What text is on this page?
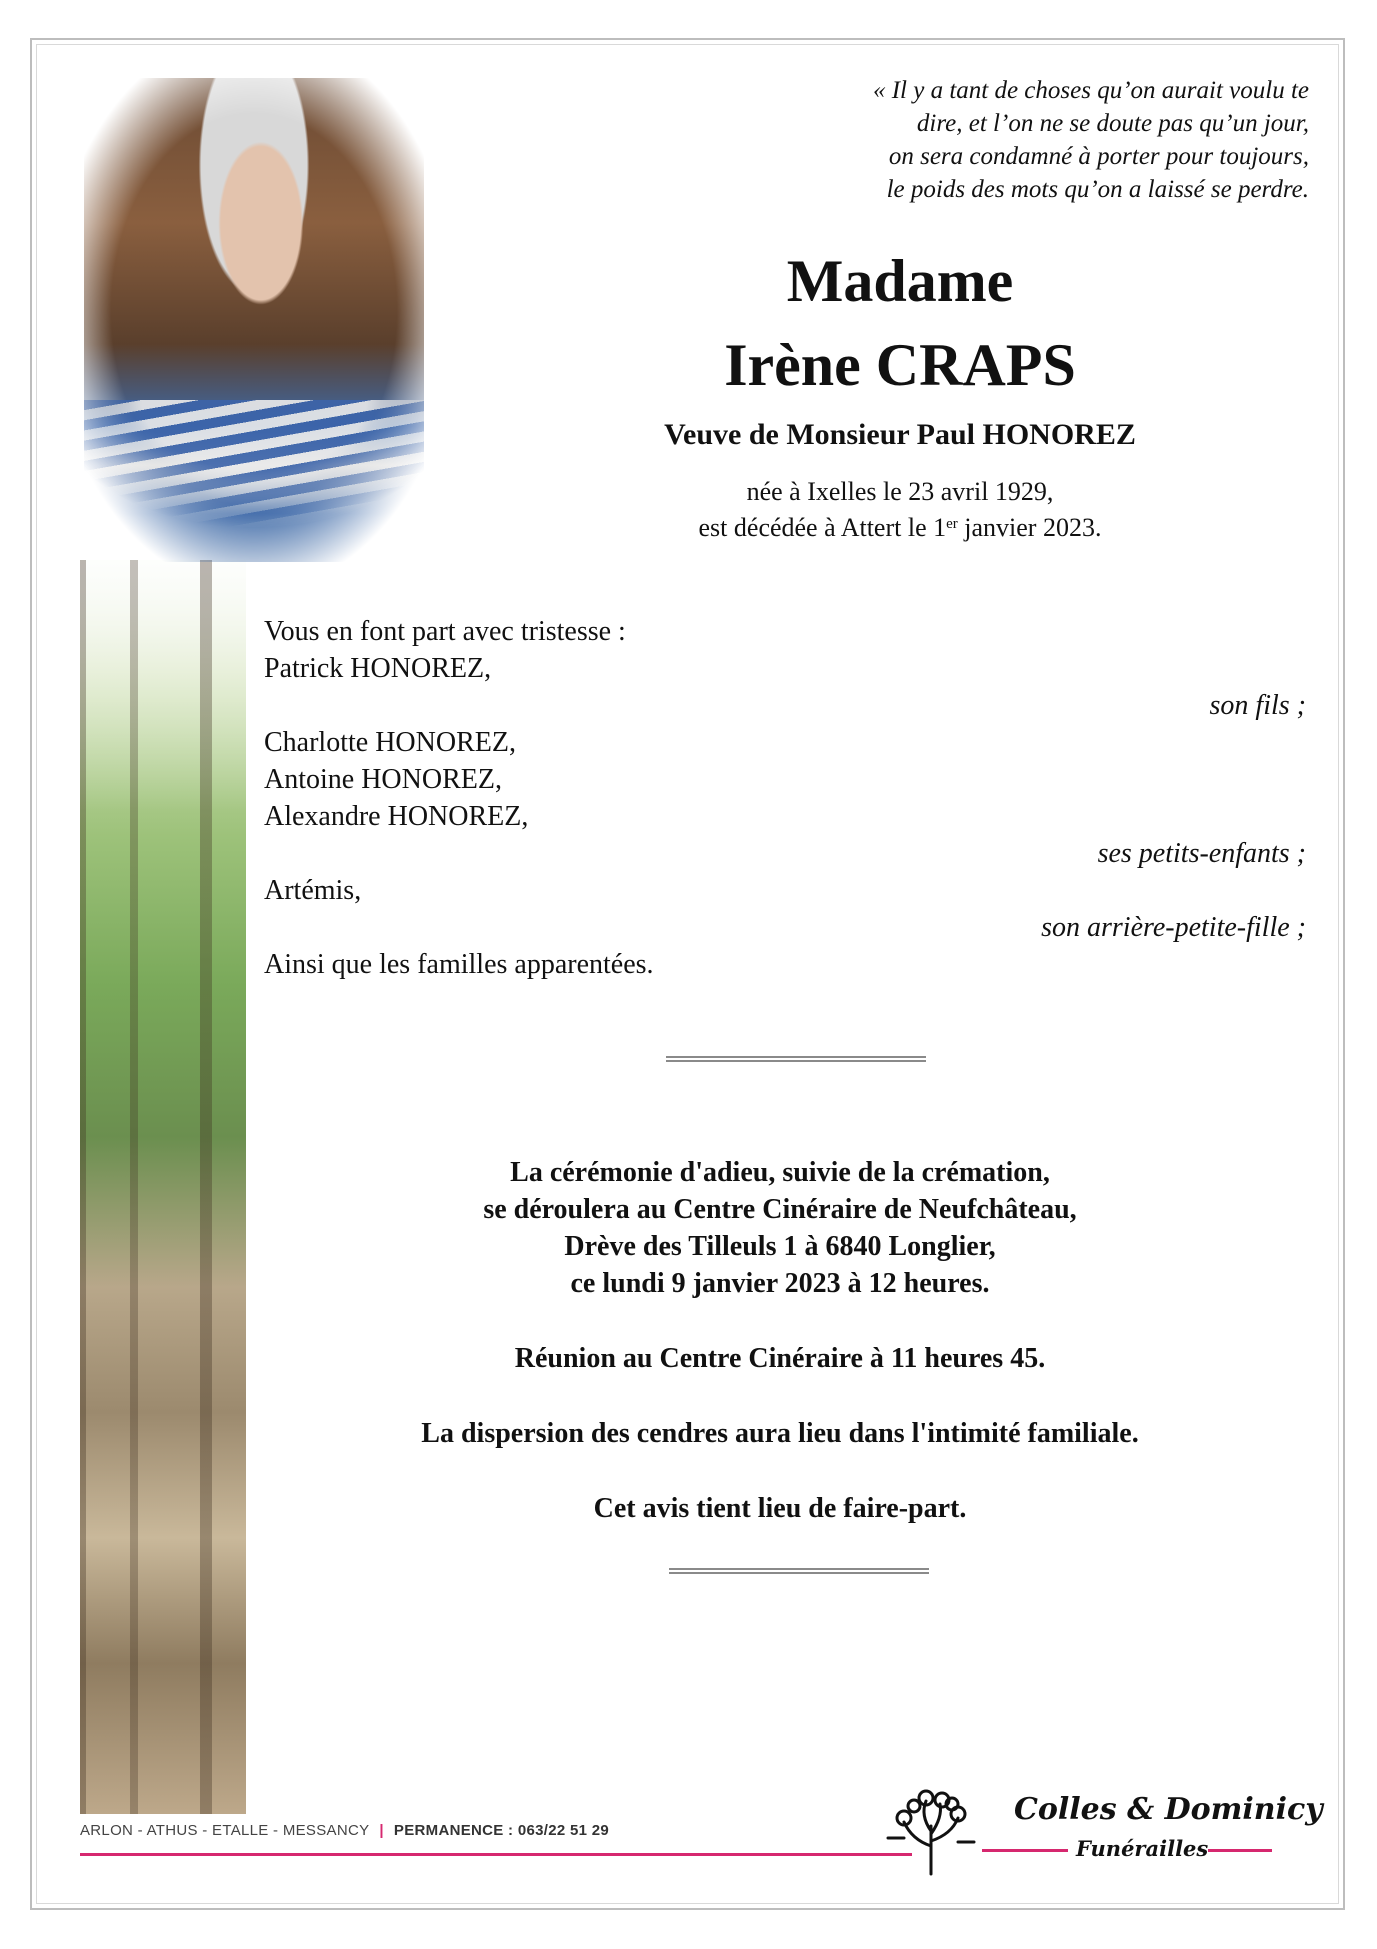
« Il y a tant de choses qu’on aurait voulu te
dire, et l’on ne se doute pas qu’un jour,
on sera condamné à porter pour toujours,
le poids des mots qu’on a laissé se perdre.
Madame
Irène CRAPS
Veuve de Monsieur Paul HONOREZ
née à Ixelles le 23 avril 1929,
est décédée à Attert le 1er janvier 2023.
Vous en font part avec tristesse :
Patrick HONOREZ,
son fils ;
Charlotte HONOREZ,
Antoine HONOREZ,
Alexandre HONOREZ,
ses petits-enfants ;
Artémis,
son arrière-petite-fille ;
Ainsi que les familles apparentées.
La cérémonie d'adieu, suivie de la crémation,
se déroulera au Centre Cinéraire de Neufchâteau,
Drève des Tilleuls 1 à 6840 Longlier,
ce lundi 9 janvier 2023 à 12 heures.
Réunion au Centre Cinéraire à 11 heures 45.
La dispersion des cendres aura lieu dans l'intimité familiale.
Cet avis tient lieu de faire-part.
ARLON - ATHUS - ETALLE - MESSANCY | PERMANENCE : 063/22 51 29
Colles & Dominicy
Funérailles
